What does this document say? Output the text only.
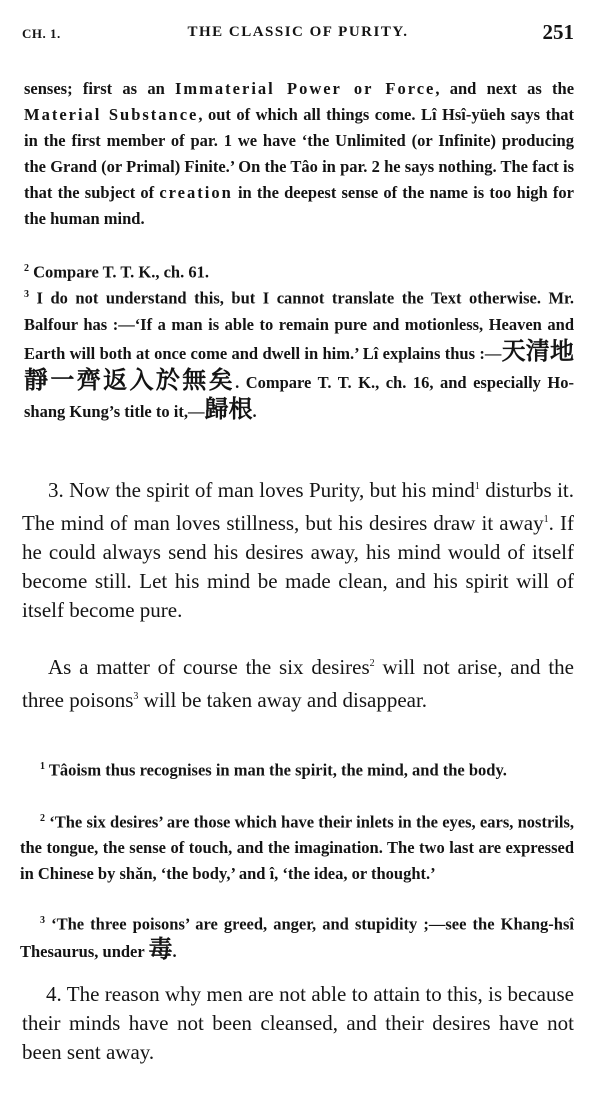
CH. 1.	THE CLASSIC OF PURITY.	251
senses; first as an Immaterial Power or Force, and next as the Material Substance, out of which all things come. Lî Hsî-yüeh says that in the first member of par. 1 we have ‘the Unlimited (or Infinite) producing the Grand (or Primal) Finite.’ On the Tâo in par. 2 he says nothing. The fact is that the subject of creation in the deepest sense of the name is too high for the human mind.
$^2$ Compare T. T. K., ch. 61.
$^3$ I do not understand this, but I cannot translate the Text otherwise. Mr. Balfour has :—‘If a man is able to remain pure and motionless, Heaven and Earth will both at once come and dwell in him.’ Lî explains thus :—天清地靜一齊返入於無矣. Compare T. T. K., ch. 16, and especially Ho-shang Kung’s title to it,—歸根.
3. Now the spirit of man loves Purity, but his mind$^1$ disturbs it. The mind of man loves stillness, but his desires draw it away$^1$. If he could always send his desires away, his mind would of itself become still. Let his mind be made clean, and his spirit will of itself become pure.
As a matter of course the six desires$^2$ will not arise, and the three poisons$^3$ will be taken away and disappear.
$^1$ Tâoism thus recognises in man the spirit, the mind, and the body.
$^2$ ‘The six desires’ are those which have their inlets in the eyes, ears, nostrils, the tongue, the sense of touch, and the imagination. The two last are expressed in Chinese by shǎn, ‘the body,’ and î, ‘the idea, or thought.’
$^3$ ‘The three poisons’ are greed, anger, and stupidity ;—see the Khang-hsî Thesaurus, under 毒.
4. The reason why men are not able to attain to this, is because their minds have not been cleansed, and their desires have not been sent away.
